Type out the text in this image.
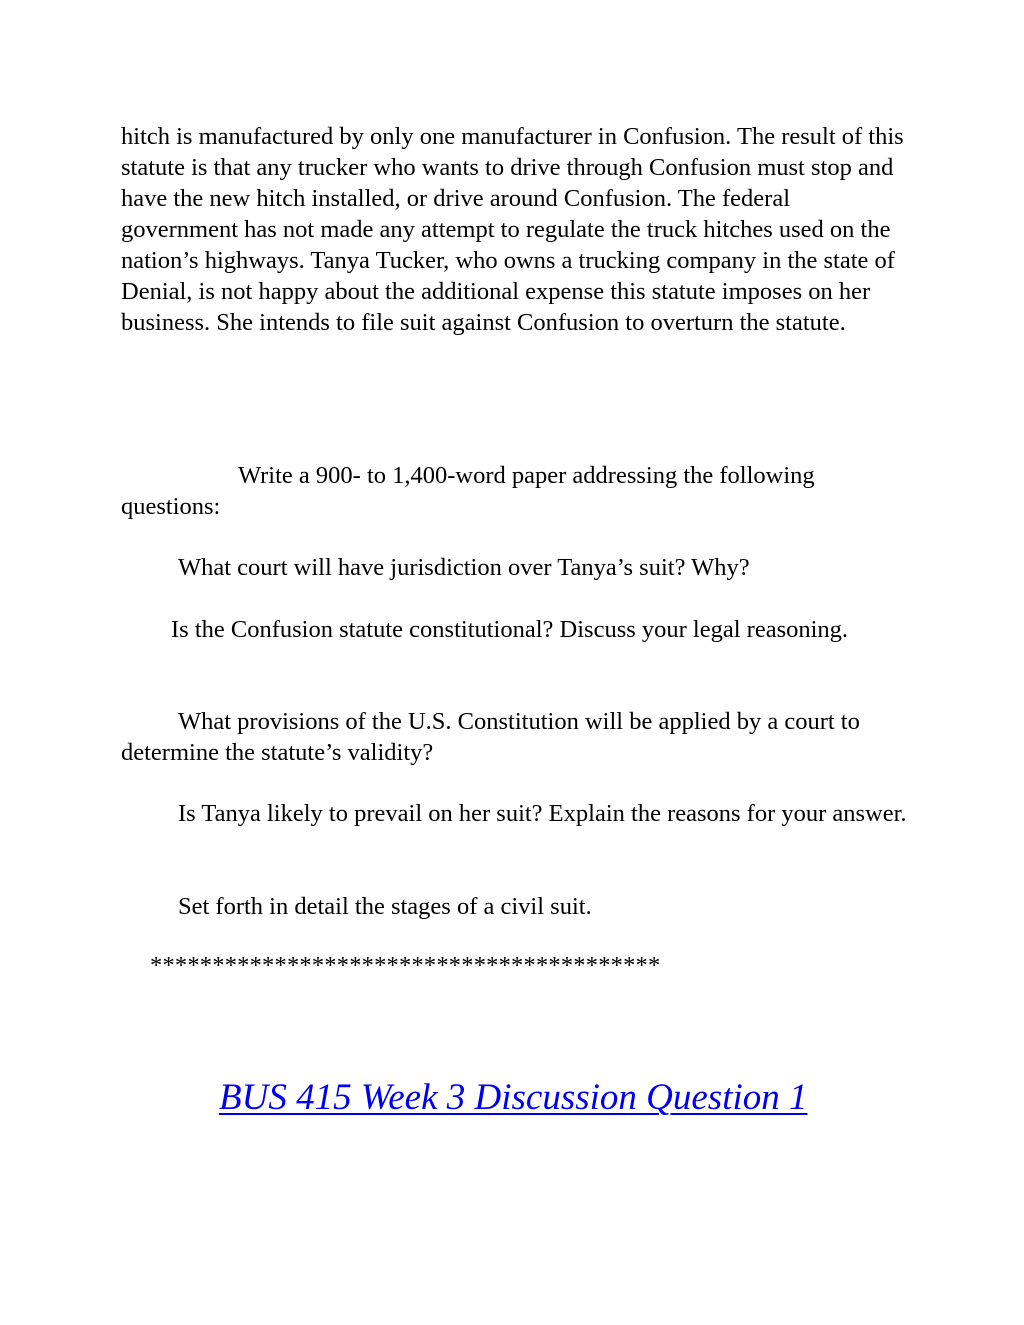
hitch is manufactured by only one manufacturer in Confusion. The result of this statute is that any trucker who wants to drive through Confusion must stop and have the new hitch installed, or drive around Confusion. The federal government has not made any attempt to regulate the truck hitches used on the nation’s highways. Tanya Tucker, who owns a trucking company in the state of Denial, is not happy about the additional expense this statute imposes on her business. She intends to file suit against Confusion to overturn the statute.

Write a 900- to 1,400-word paper addressing the following questions:

What court will have jurisdiction over Tanya’s suit? Why?

Is the Confusion statute constitutional? Discuss your legal reasoning.

What provisions of the U.S. Constitution will be applied by a court to determine the statute’s validity?

Is Tanya likely to prevail on her suit? Explain the reasons for your answer.

Set forth in detail the stages of a civil suit.

*****************************************

BUS 415 Week 3 Discussion Question 1
